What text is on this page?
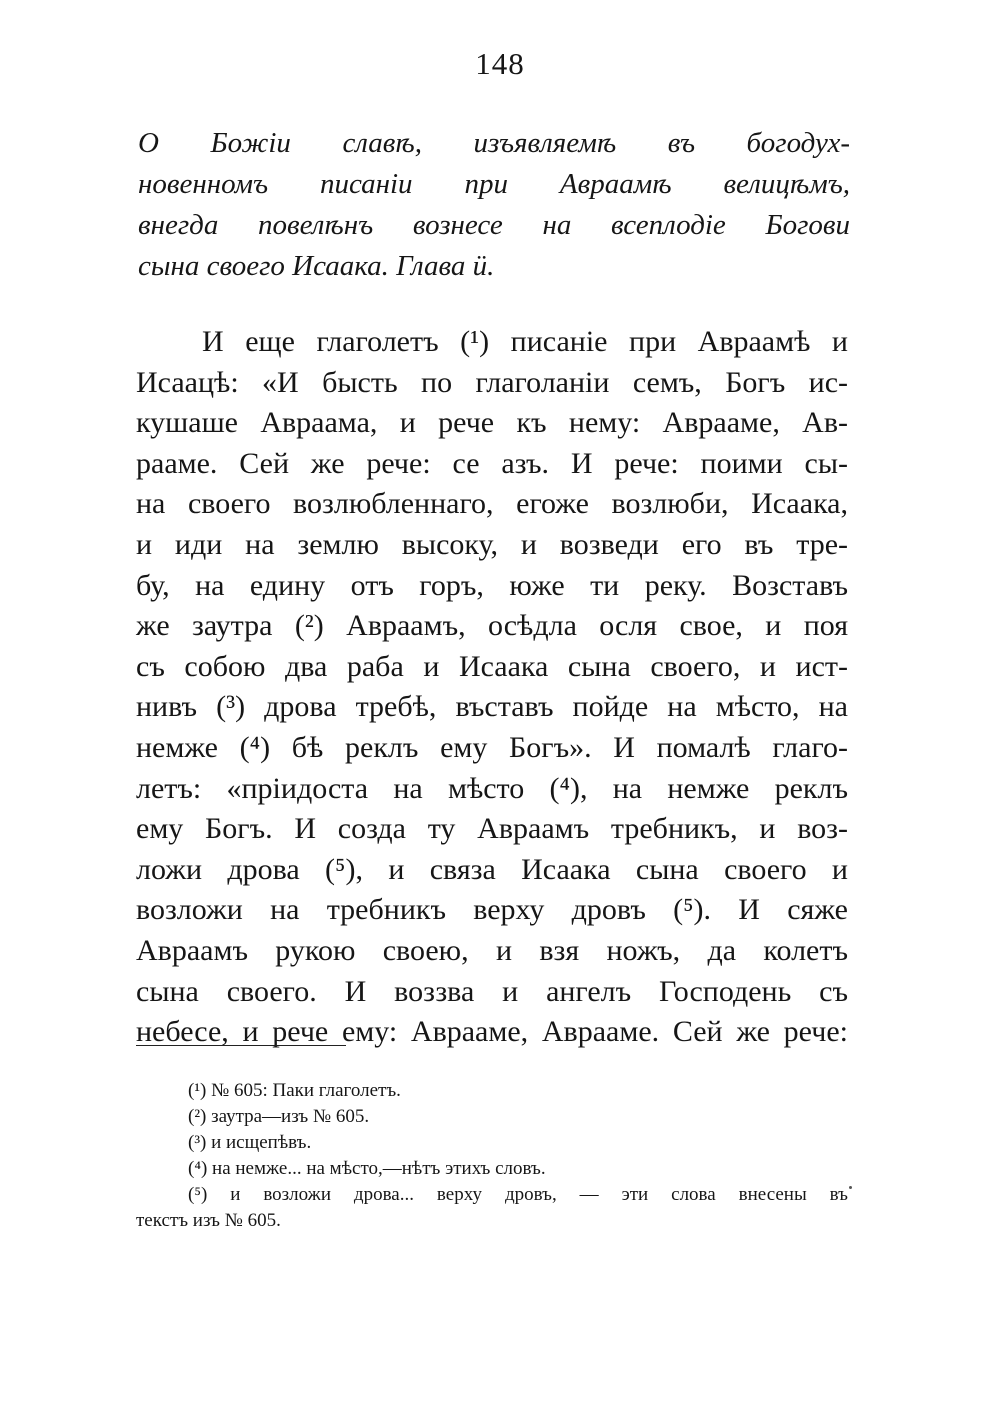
148
О Божіи славѣ, изъявляемѣ въ богодух-
новенномъ писаніи при Авраамѣ велицѣмъ,
внегда повелѣнъ вознесе на всеплодіе Богови
сына своего Исаака. Глава ӥ.
И еще глаголетъ (¹) писаніе при Авраамѣ и
Исаацѣ: «И бысть по глаголаніи семъ, Богъ ис-
кушаше Авраама, и рече къ нему: Аврааме, Ав-
рааме. Сей же рече: се азъ. И рече: поими сы-
на своего возлюбленнаго, егоже возлюби, Исаака,
и иди на землю высоку, и возведи его въ тре-
бу, на едину отъ горъ, юже ти реку. Возставъ
же заутра (²) Авраамъ, осѣдла осля свое, и поя
съ собою два раба и Исаака сына своего, и ист-
нивъ (³) дрова требѣ, въставъ пойде на мѣсто, на
немже (⁴) бѣ реклъ ему Богъ». И помалѣ глаго-
летъ: «пріидоста на мѣсто (⁴), на немже реклъ
ему Богъ. И созда ту Авраамъ требникъ, и воз-
ложи дрова (⁵), и связа Исаака сына своего и
возложи на требникъ верху дровъ (⁵). И сяже
Авраамъ рукою своею, и взя ножъ, да колетъ
сына своего. И воззва и ангелъ Господень съ
небесе, и рече ему: Аврааме, Аврааме. Сей же рече:
(¹) № 605: Паки глаголетъ.
(²) заутра—изъ № 605.
(³) и исщепѣвъ.
(⁴) на немже... на мѣсто,—нѣтъ этихъ словъ.
(⁵) и возложи дрова... верху дровъ, — эти слова внесены въ
текстъ изъ № 605.
